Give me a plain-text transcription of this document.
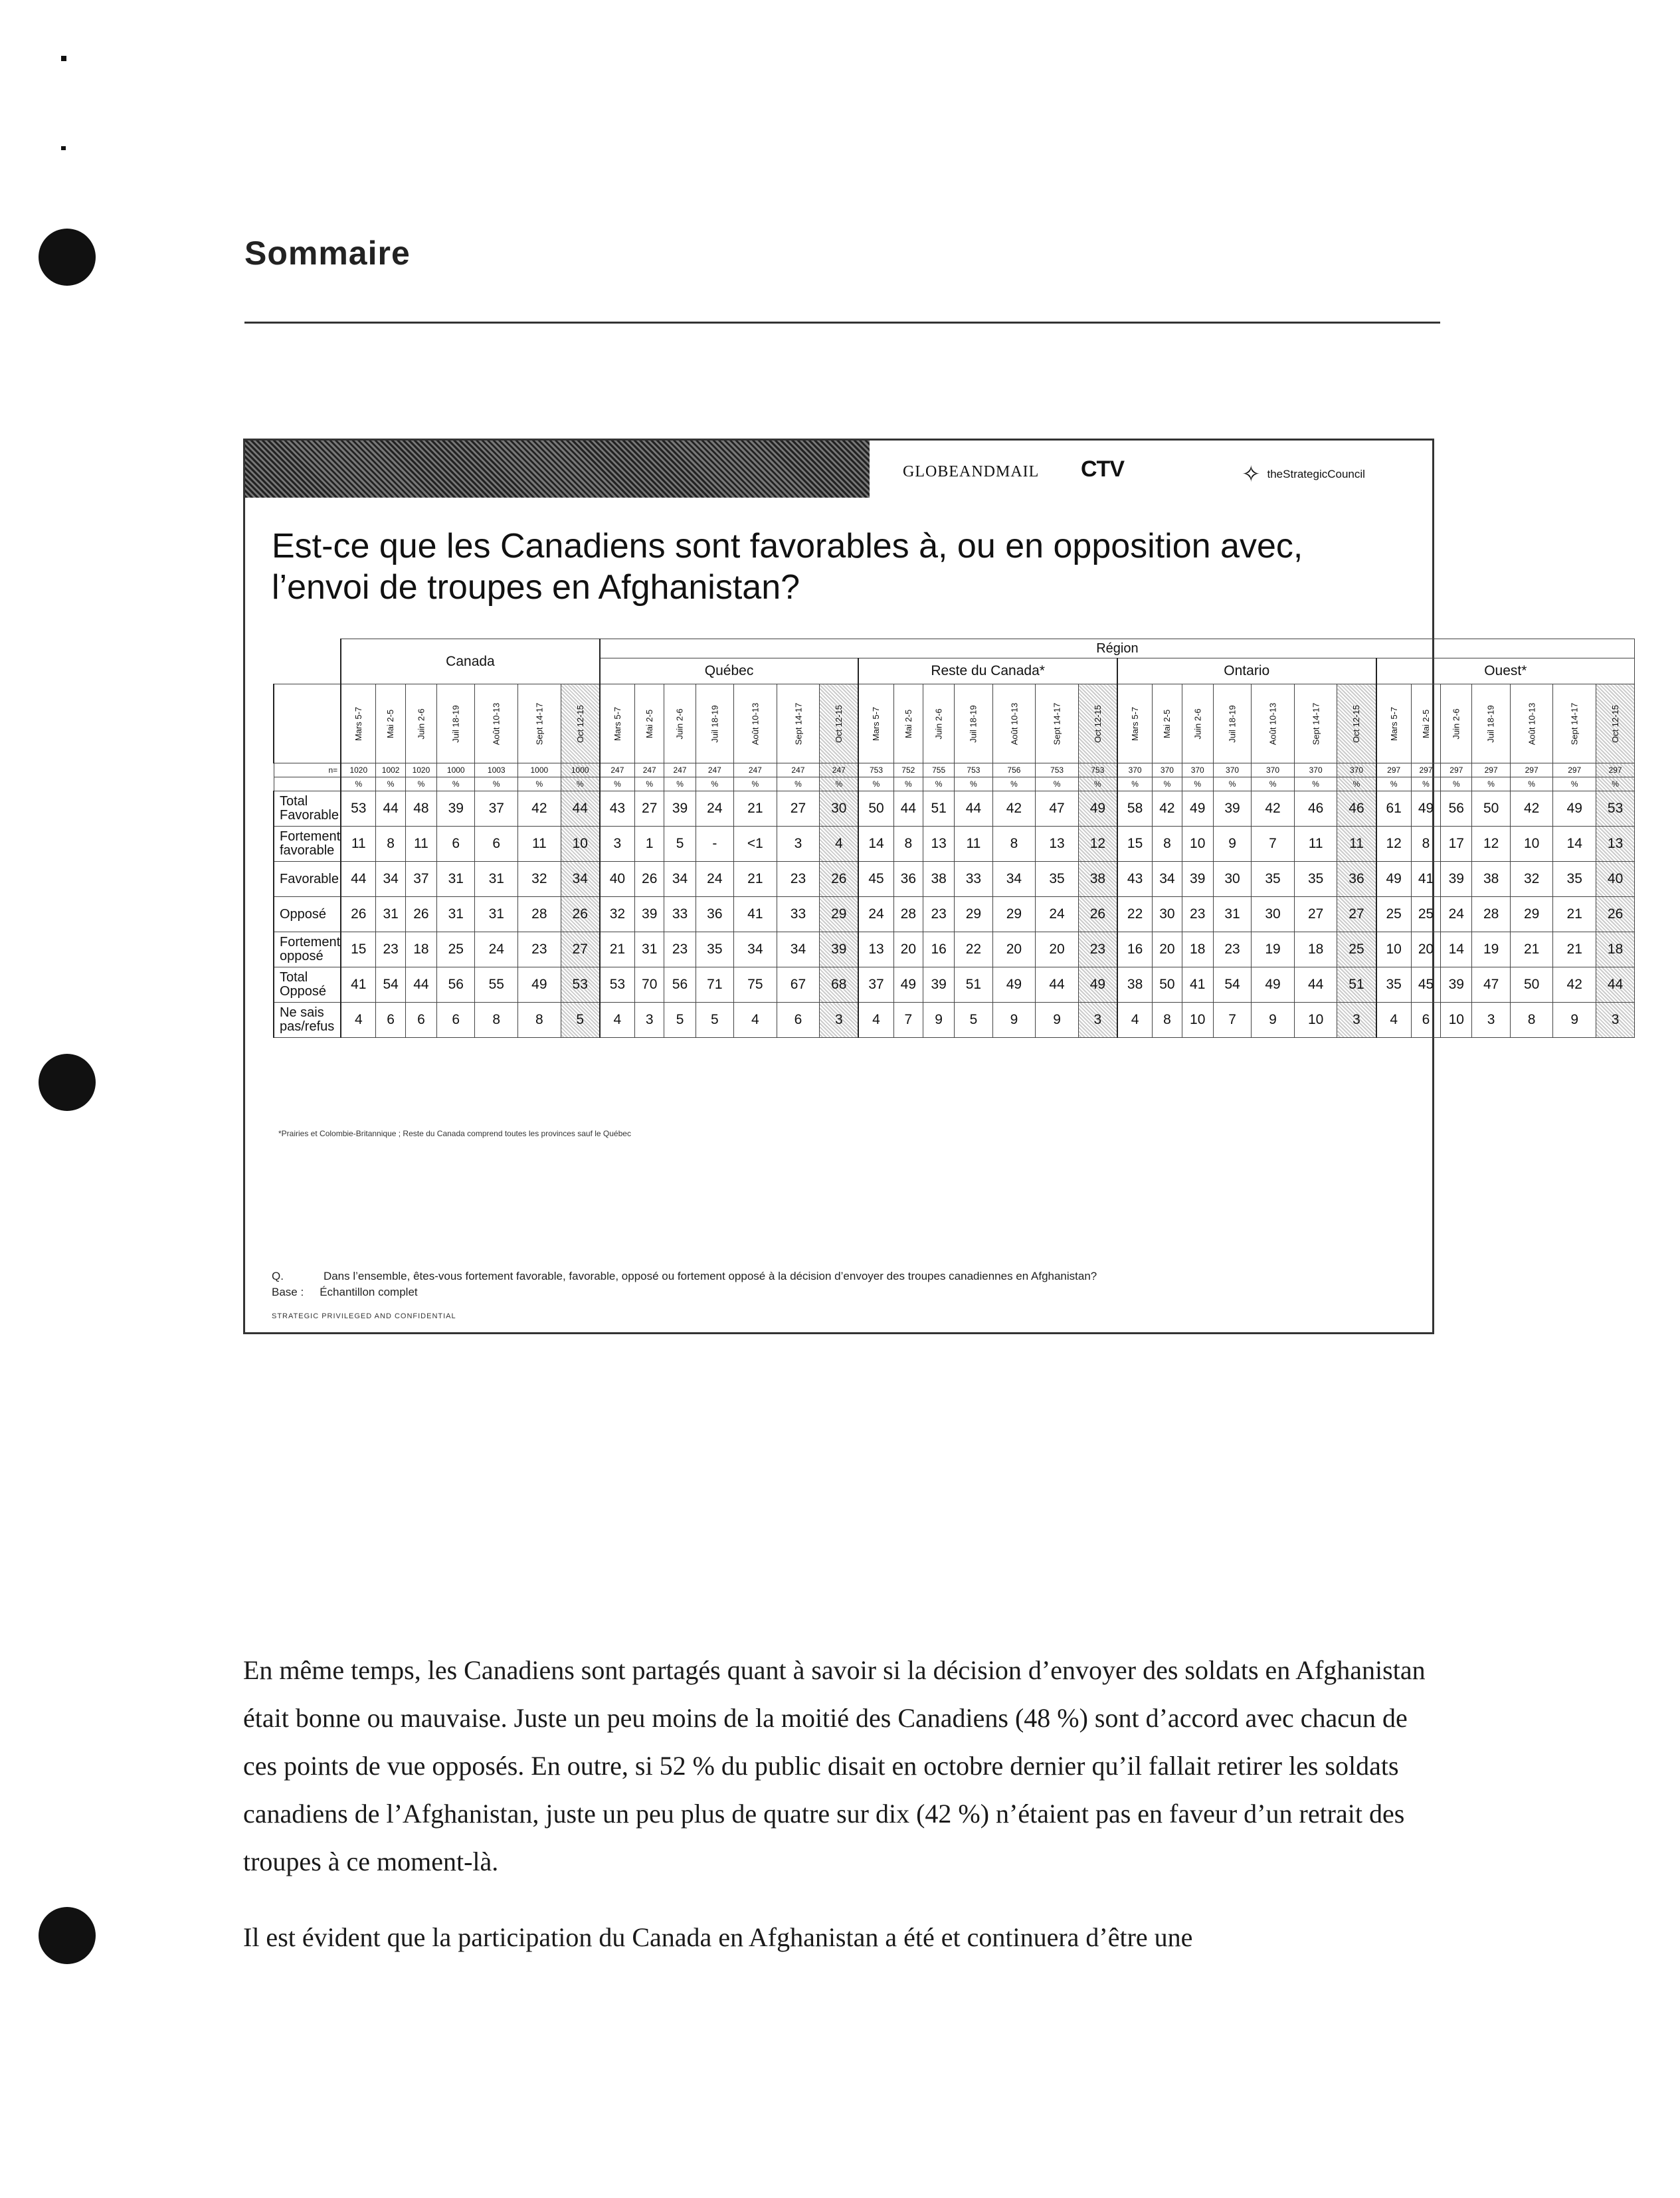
Sommaire
GLOBEANDMAIL CTV	✧ theStrategicCouncil
Est-ce que les Canadiens sont favorables à, ou en opposition avec, l’envoi de troupes en Afghanistan?
	Canada							Région																											
								Québec							Reste du Canada*							Ontario							Ouest*						
	Mars 5-7	Mai 2-5	Juin 2-6	Juil 18-19	Août 10-13	Sept 14-17	Oct 12-15	Mars 5-7	Mai 2-5	Juin 2-6	Juil 18-19	Août 10-13	Sept 14-17	Oct 12-15	Mars 5-7	Mai 2-5	Juin 2-6	Juil 18-19	Août 10-13	Sept 14-17	Oct 12-15	Mars 5-7	Mai 2-5	Juin 2-6	Juil 18-19	Août 10-13	Sept 14-17	Oct 12-15	Mars 5-7	Mai 2-5	Juin 2-6	Juil 18-19	Août 10-13	Sept 14-17	Oct 12-15
n=	1020	1002	1020	1000	1003	1000	1000	247	247	247	247	247	247	247	753	752	755	753	756	753	753	370	370	370	370	370	370	370	297	297	297	297	297	297	297
	%	%	%	%	%	%	%	%	%	%	%	%	%	%	%	%	%	%	%	%	%	%	%	%	%	%	%	%	%	%	%	%	%	%	%
Total Favorable	53	44	48	39	37	42	44	43	27	39	24	21	27	30	50	44	51	44	42	47	49	58	42	49	39	42	46	46	61	49	56	50	42	49	53
Fortement favorable	11	8	11	6	6	11	10	3	1	5	-	<1	3	4	14	8	13	11	8	13	12	15	8	10	9	7	11	11	12	8	17	12	10	14	13
Favorable	44	34	37	31	31	32	34	40	26	34	24	21	23	26	45	36	38	33	34	35	38	43	34	39	30	35	35	36	49	41	39	38	32	35	40
Opposé	26	31	26	31	31	28	26	32	39	33	36	41	33	29	24	28	23	29	29	24	26	22	30	23	31	30	27	27	25	25	24	28	29	21	26
Fortement opposé	15	23	18	25	24	23	27	21	31	23	35	34	34	39	13	20	16	22	20	20	23	16	20	18	23	19	18	25	10	20	14	19	21	21	18
Total Opposé	41	54	44	56	55	49	53	53	70	56	71	75	67	68	37	49	39	51	49	44	49	38	50	41	54	49	44	51	35	45	39	47	50	42	44
Ne sais pas/refus	4	6	6	6	8	8	5	4	3	5	5	4	6	3	4	7	9	5	9	9	3	4	8	10	7	9	10	3	4	6	10	3	8	9	3
*Prairies et Colombie-Britannique ; Reste du Canada comprend toutes les provinces sauf le Québec
Q.	Dans l’ensemble, êtes-vous fortement favorable, favorable, opposé ou fortement opposé à la décision d’envoyer des troupes canadiennes en Afghanistan?
Base : Échantillon complet
STRATEGIC PRIVILEGED AND CONFIDENTIAL
En même temps, les Canadiens sont partagés quant à savoir si la décision d’envoyer des soldats en Afghanistan était bonne ou mauvaise. Juste un peu moins de la moitié des Canadiens (48 %) sont d’accord avec chacun de ces points de vue opposés. En outre, si 52 % du public disait en octobre dernier qu’il fallait retirer les soldats canadiens de l’Afghanistan, juste un peu plus de quatre sur dix (42 %) n’étaient pas en faveur d’un retrait des troupes à ce moment-là.
Il est évident que la participation du Canada en Afghanistan a été et continuera d’être une
